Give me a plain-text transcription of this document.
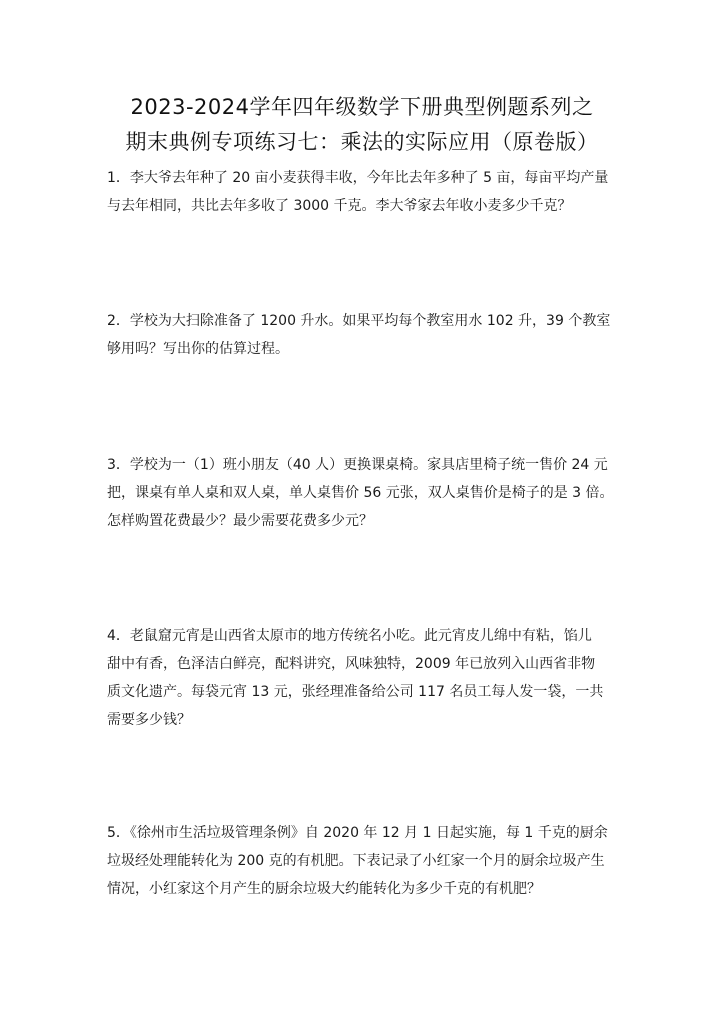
2023-2024学年四年级数学下册典型例题系列之
期末典例专项练习七：乘法的实际应用（原卷版）
1．李大爷去年种了 20 亩小麦获得丰收，今年比去年多种了 5 亩，每亩平均产量
与去年相同，共比去年多收了 3000 千克。李大爷家去年收小麦多少千克？
2．学校为大扫除准备了 1200 升水。如果平均每个教室用水 102 升，39 个教室
够用吗？写出你的估算过程。
3．学校为一（1）班小朋友（40 人）更换课桌椅。家具店里椅子统一售价 24 元
把，课桌有单人桌和双人桌，单人桌售价 56 元张，双人桌售价是椅子的是 3 倍。
怎样购置花费最少？最少需要花费多少元？
4．老鼠窟元宵是山西省太原市的地方传统名小吃。此元宵皮儿绵中有粘，馅儿
甜中有香，色泽洁白鲜亮，配料讲究，风味独特，2009 年已放列入山西省非物
质文化遗产。每袋元宵 13 元，张经理准备给公司 117 名员工每人发一袋，一共
需要多少钱？
5．《徐州市生活垃圾管理条例》自 2020 年 12 月 1 日起实施，每 1 千克的厨余
垃圾经处理能转化为 200 克的有机肥。下表记录了小红家一个月的厨余垃圾产生
情况，小红家这个月产生的厨余垃圾大约能转化为多少千克的有机肥？
